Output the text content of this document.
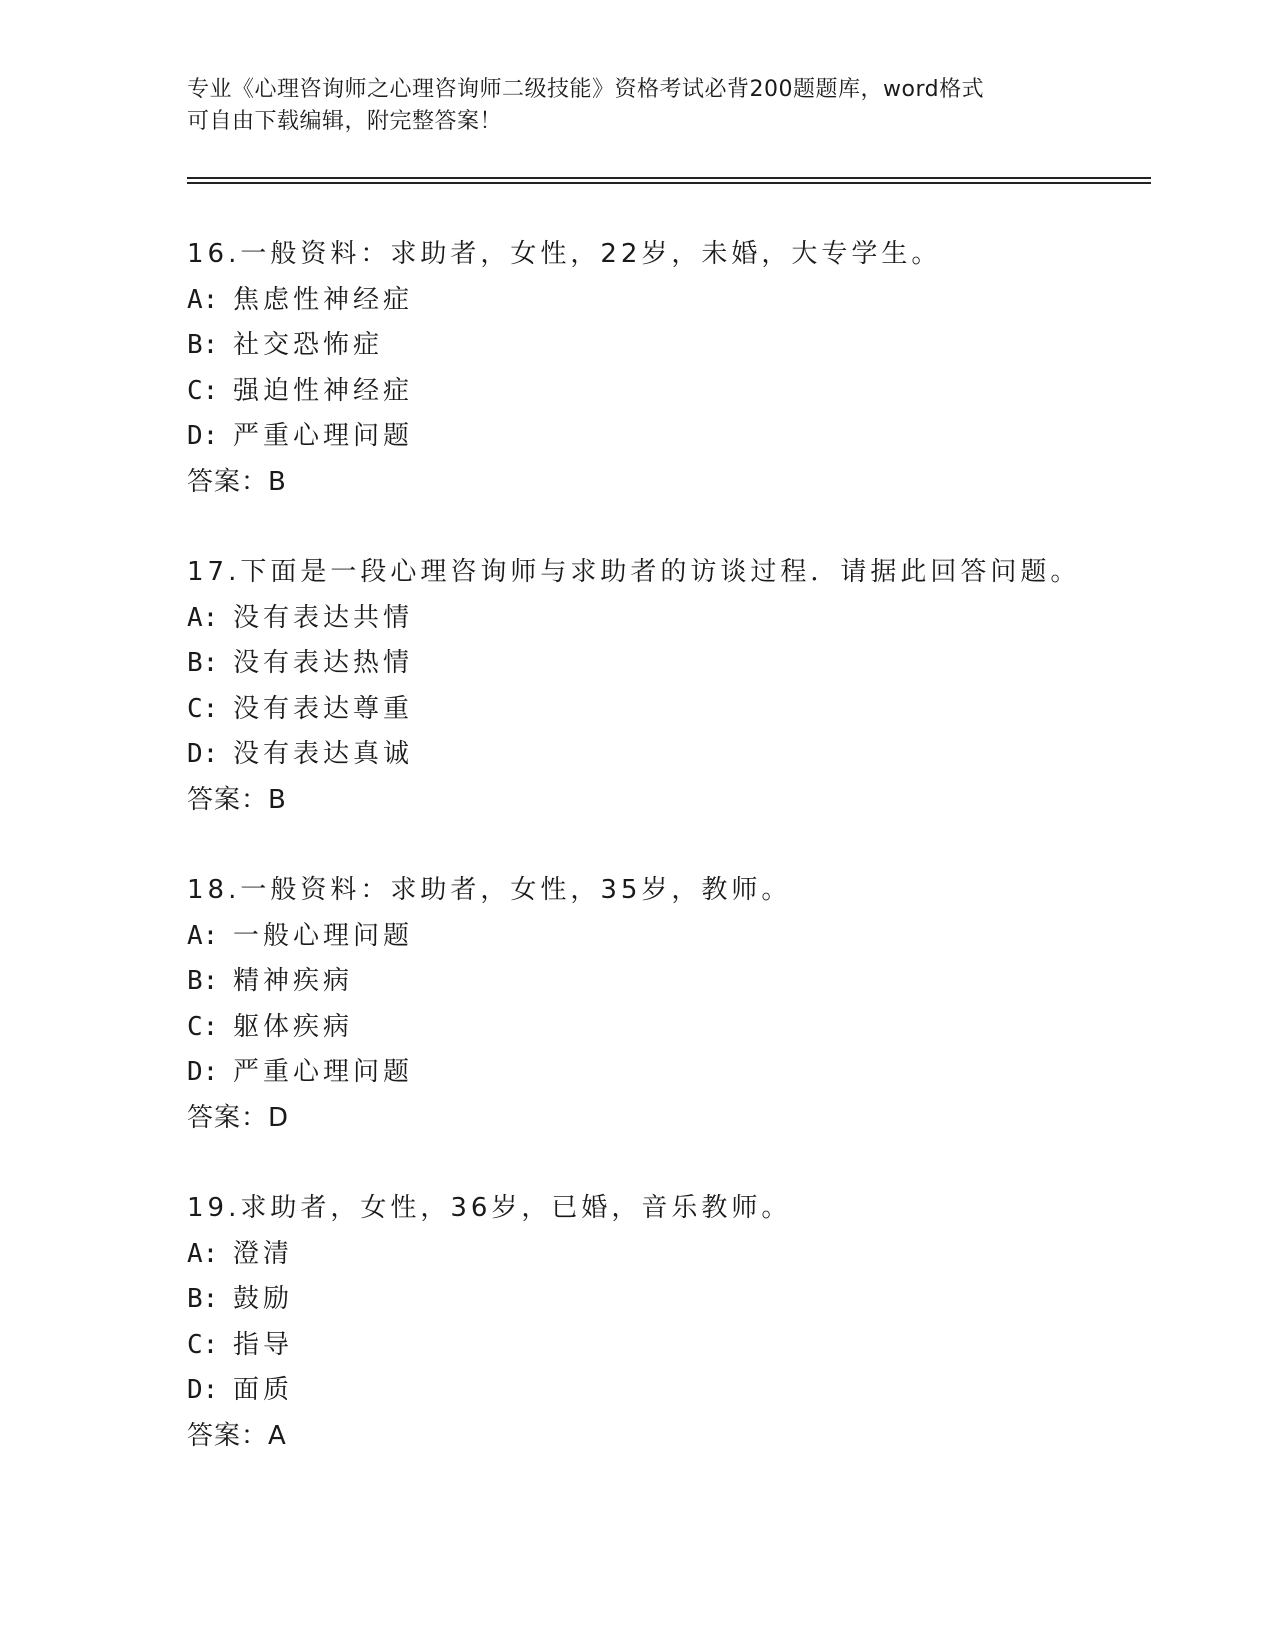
专业《心理咨询师之心理咨询师二级技能》资格考试必背200题题库，word格式
可自由下载编辑，附完整答案！
16.一般资料：求助者，女性，22岁，未婚，大专学生。
A: 焦虑性神经症
B: 社交恐怖症
C: 强迫性神经症
D: 严重心理问题
答案：B
17.下面是一段心理咨询师与求助者的访谈过程．请据此回答问题。
A: 没有表达共情
B: 没有表达热情
C: 没有表达尊重
D: 没有表达真诚
答案：B
18.一般资料：求助者，女性，35岁，教师。
A: 一般心理问题
B: 精神疾病
C: 躯体疾病
D: 严重心理问题
答案：D
19.求助者，女性，36岁，已婚，音乐教师。
A: 澄清
B: 鼓励
C: 指导
D: 面质
答案：A
